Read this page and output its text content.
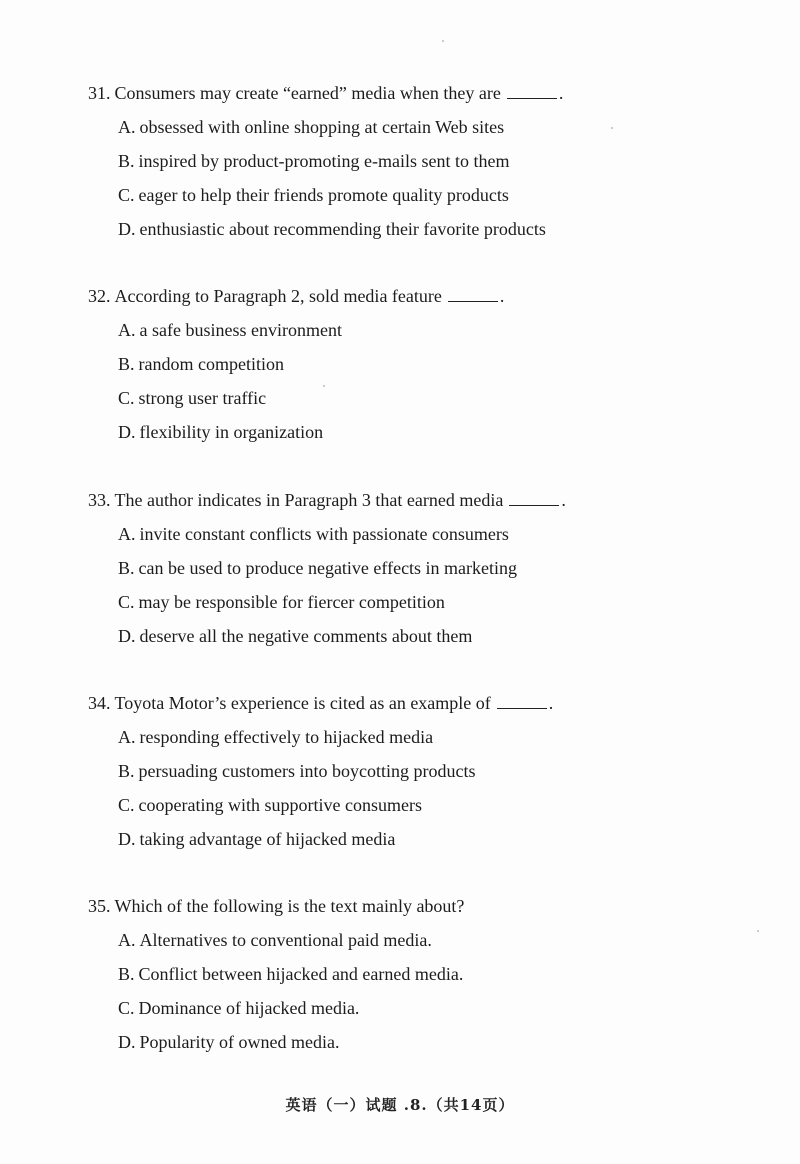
31. Consumers may create “earned” media when they are	.
A. obsessed with online shopping at certain Web sites
B. inspired by product-promoting e-mails sent to them
C. eager to help their friends promote quality products
D. enthusiastic about recommending their favorite products
32. According to Paragraph 2, sold media feature	.
A. a safe business environment
B. random competition
C. strong user traffic
D. flexibility in organization
33. The author indicates in Paragraph 3 that earned media	.
A. invite constant conflicts with passionate consumers
B. can be used to produce negative effects in marketing
C. may be responsible for fiercer competition
D. deserve all the negative comments about them
34. Toyota Motor’s experience is cited as an example of	.
A. responding effectively to hijacked media
B. persuading customers into boycotting products
C. cooperating with supportive consumers
D. taking advantage of hijacked media
35. Which of the following is the text mainly about?
A. Alternatives to conventional paid media.
B. Conflict between hijacked and earned media.
C. Dominance of hijacked media.
D. Popularity of owned media.
英语（一）试题 .8.（共14页）
